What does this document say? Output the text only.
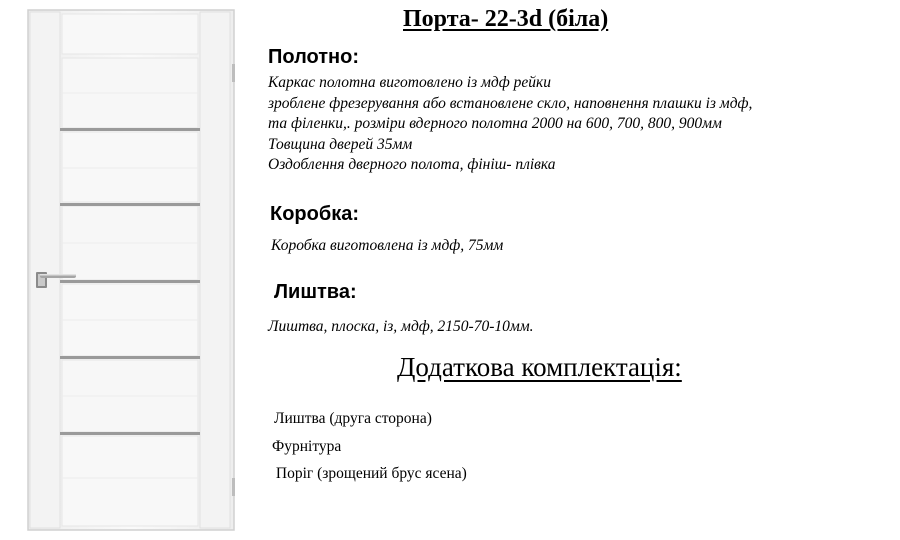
Порта- 22-3d (біла)
Полотно:
Каркас полотна виготовлено із мдф рейки
зроблене фрезерування або встановлене скло, наповнення плашки із мдф,
та філенки,. розміри вдерного полотна 2000 на 600, 700, 800, 900мм
Товщина дверей 35мм
Оздоблення дверного полота, фініш- плівка
Коробка:
Коробка виготовлена із мдф, 75мм
Лиштва:
Лиштва, плоска, із, мдф, 2150-70-10мм.
Додаткова комплектація:
Лиштва (друга сторона)
Фурнітура
Поріг (зрощений брус ясена)
